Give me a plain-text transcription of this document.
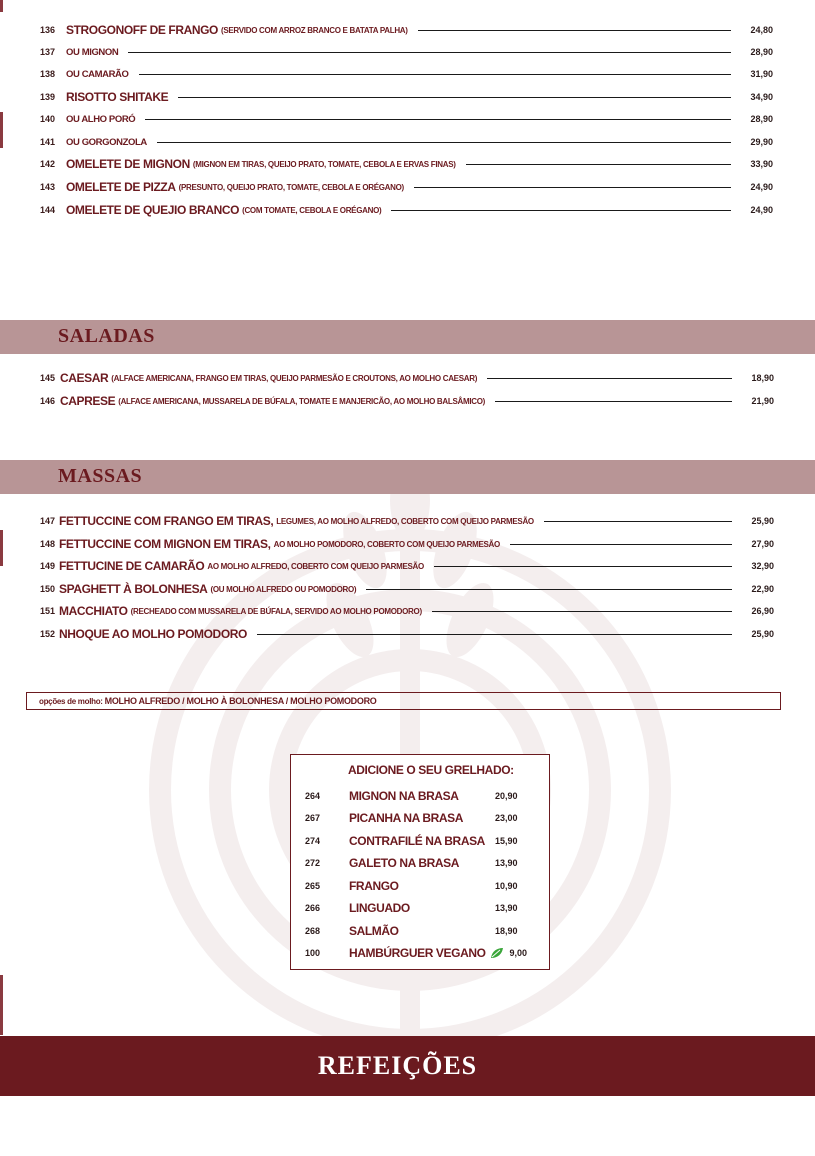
136 STROGONOFF DE FRANGO (SERVIDO COM ARROZ BRANCO E BATATA PALHA)	24,80
137	OU MIGNON	28,90
138	OU CAMARÃO	31,90
139 RISOTTO SHITAKE	34,90
140	OU ALHO PORÓ	28,90
141	OU GORGONZOLA	29,90
142 OMELETE DE MIGNON (MIGNON EM TIRAS, QUEIJO PRATO, TOMATE, CEBOLA E ERVAS FINAS)	33,90
143 OMELETE DE PIZZA (PRESUNTO, QUEIJO PRATO, TOMATE, CEBOLA E ORÉGANO)	24,90
144 OMELETE DE QUEJIO BRANCO (COM TOMATE, CEBOLA E ORÉGANO)	24,90
SALADAS
145 CAESAR (ALFACE AMERICANA, FRANGO EM TIRAS, QUEIJO PARMESÃO E CROUTONS, AO MOLHO CAESAR)	18,90
146 CAPRESE (ALFACE AMERICANA, MUSSARELA DE BÚFALA, TOMATE E MANJERICÃO, AO MOLHO BALSÂMICO)	21,90
MASSAS
147 FETTUCCINE COM FRANGO EM TIRAS, LEGUMES, AO MOLHO ALFREDO, COBERTO COM QUEIJO PARMESÃO	25,90
148 FETTUCCINE COM MIGNON EM TIRAS, AO MOLHO POMODORO, COBERTO COM QUEIJO PARMESÃO	27,90
149 FETTUCINE DE CAMARÃO AO MOLHO ALFREDO, COBERTO COM QUEIJO PARMESÃO	32,90
150 SPAGHETT À BOLONHESA (OU MOLHO ALFREDO OU POMODORO)	22,90
151 MACCHIATO (RECHEADO COM MUSSARELA DE BÚFALA, SERVIDO AO MOLHO POMODORO)	26,90
152 NHOQUE AO MOLHO POMODORO	25,90
opções de molho: MOLHO ALFREDO / MOLHO À BOLONHESA / MOLHO POMODORO
ADICIONE O SEU GRELHADO:
264	MIGNON NA BRASA	20,90
267	PICANHA NA BRASA	23,00
274	CONTRAFILÉ NA BRASA	15,90
272	GALETO NA BRASA	13,90
265	FRANGO	10,90
266	LINGUADO	13,90
268	SALMÃO	18,90
100	HAMBÚRGUER VEGANO	9,00
REFEIÇÕES
